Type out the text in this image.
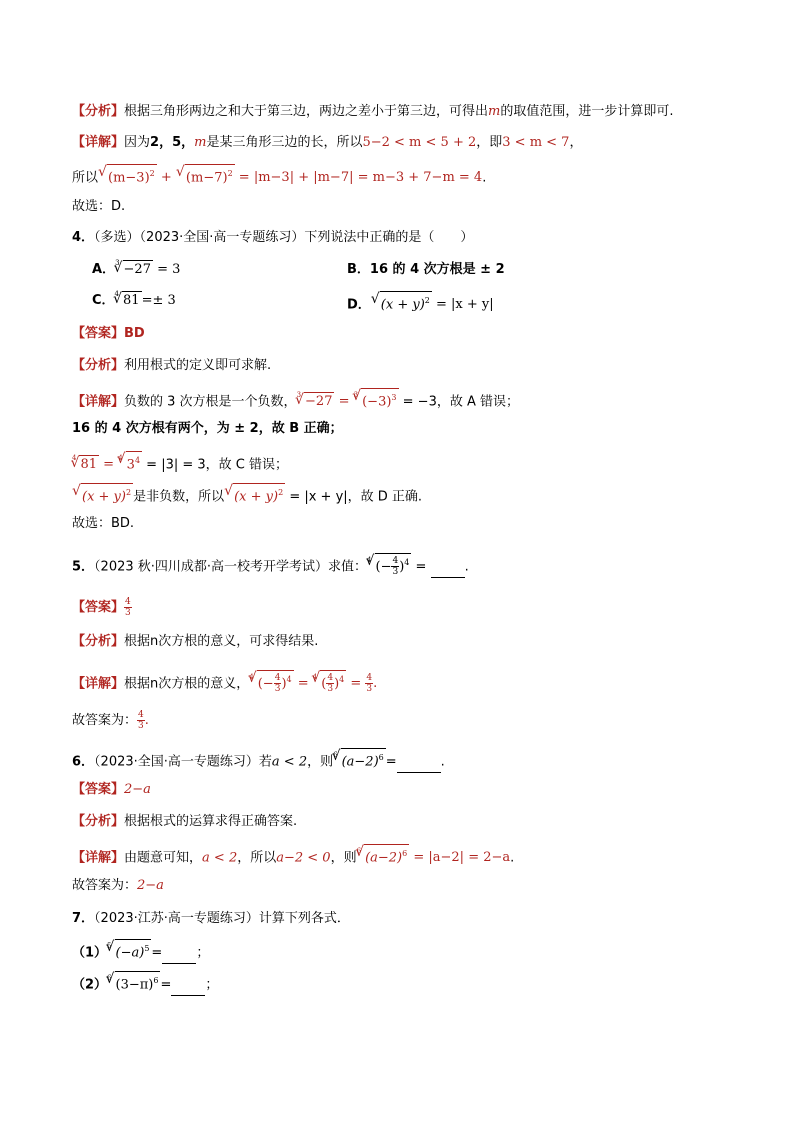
【分析】根据三角形两边之和大于第三边，两边之差小于第三边，可得出m的取值范围，进一步计算即可.
【详解】因为2，5，m是某三角形三边的长，所以5−2 < m < 5 + 2，即3 < m < 7，
所以√ $(m-3)^2$ + √ $(m-7)^2 = |m-3| + |m-7| = m-3 + 7-m = 4$.
故选：D.
4．（多选）（2023·全国·高一专题练习）下列说法中正确的是（　　）
A．$^3$√ −27 = 3	B．16 的 4 次方根是 ± 2
C．$^4$√ 81 =± 3	D．√ $(x + y)^2 = |x + y|$
【答案】BD
【分析】利用根式的定义即可求解.
【详解】负数的 3 次方根是一个负数，$^3$√ −27 = $^3$√ $(-3)^3 = -3$，故 A 错误；
16 的 4 次方根有两个，为 ± 2，故 B 正确；
$^4$√ 81 = $^4$√ $3^4 = |3| = 3$，故 C 错误；
√ $(x + y)^2$ 是非负数，所以√ $(x + y)^2 = |x + y|$，故 D 正确.
故选：BD.
5．（2023 秋·四川成都·高一校考开学考试）求值：$^4$√ (− $\frac{4}{3} )^4$ =	.
【答案】 $\frac{4}{3}$
【分析】根据n次方根的意义，可求得结果.
【详解】根据n次方根的意义，$^4$√ (− $\frac{4}{3} )^4 = ^4√$ ( $\frac{4}{3} )^4 = \frac{4}{3}$ .
故答案为： $\frac{4}{3}$ .
6．（2023·全国·高一专题练习）若a < 2，则$^6$√ $(a-2)^6$ =	.
【答案】2−a
【分析】根据根式的运算求得正确答案.
【详解】由题意可知，a < 2，所以a−2 < 0，则$^6$√ $(a-2)^6 = |a-2| = 2-a$.
故答案为：2−a
7．（2023·江苏·高一专题练习）计算下列各式．
$(1)^5√$ $(-a)^5$ =	；
$(2)^6√$ $(3-\pi)^6$ =	；
